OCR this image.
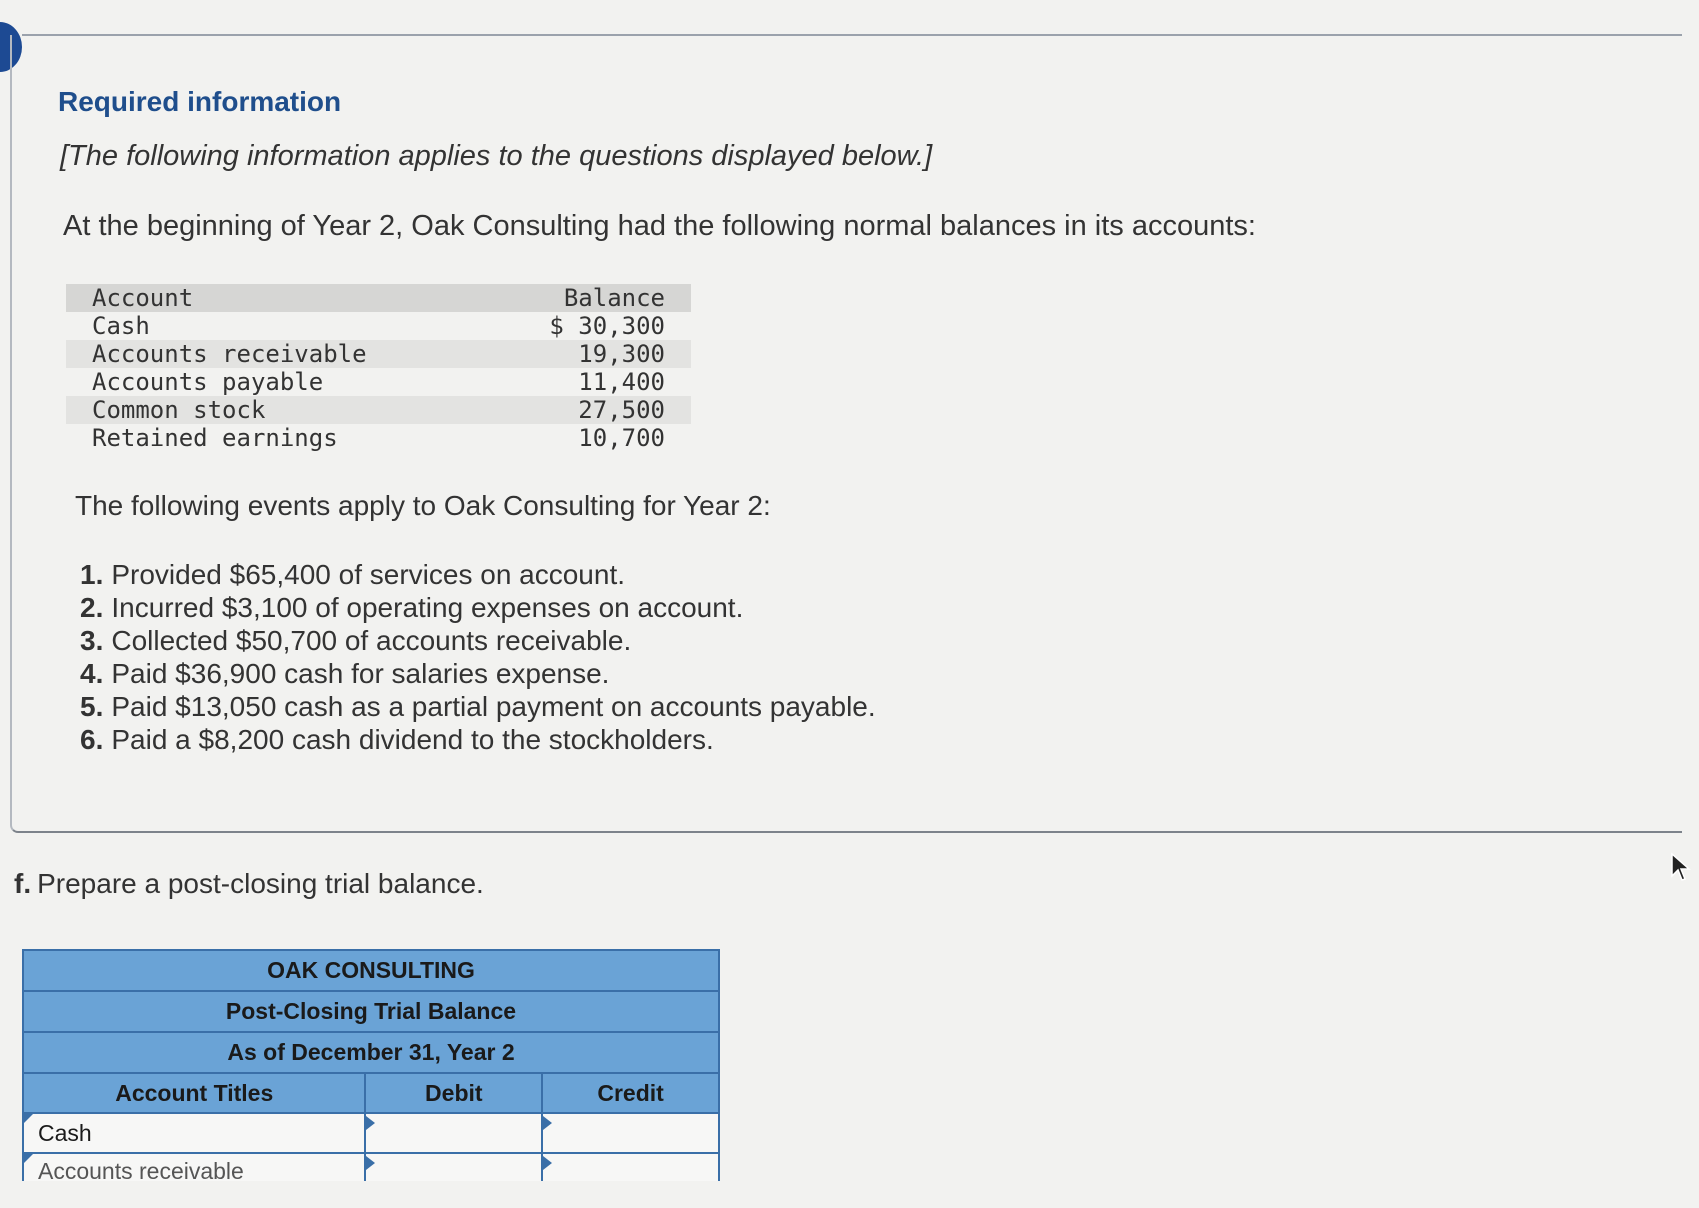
Required information
[The following information applies to the questions displayed below.]
At the beginning of Year 2, Oak Consulting had the following normal balances in its accounts:
Account	Balance
Cash	$ 30,300
Accounts receivable	19,300
Accounts payable	11,400
Common stock	27,500
Retained earnings	10,700
The following events apply to Oak Consulting for Year 2:
1. Provided $65,400 of services on account.
2. Incurred $3,100 of operating expenses on account.
3. Collected $50,700 of accounts receivable.
4. Paid $36,900 cash for salaries expense.
5. Paid $13,050 cash as a partial payment on accounts payable.
6. Paid a $8,200 cash dividend to the stockholders.
f. Prepare a post-closing trial balance.
OAK CONSULTING		
Post-Closing Trial Balance		
As of December 31, Year 2		
Account Titles	Debit	Credit

Cash	

Accounts receivable	
